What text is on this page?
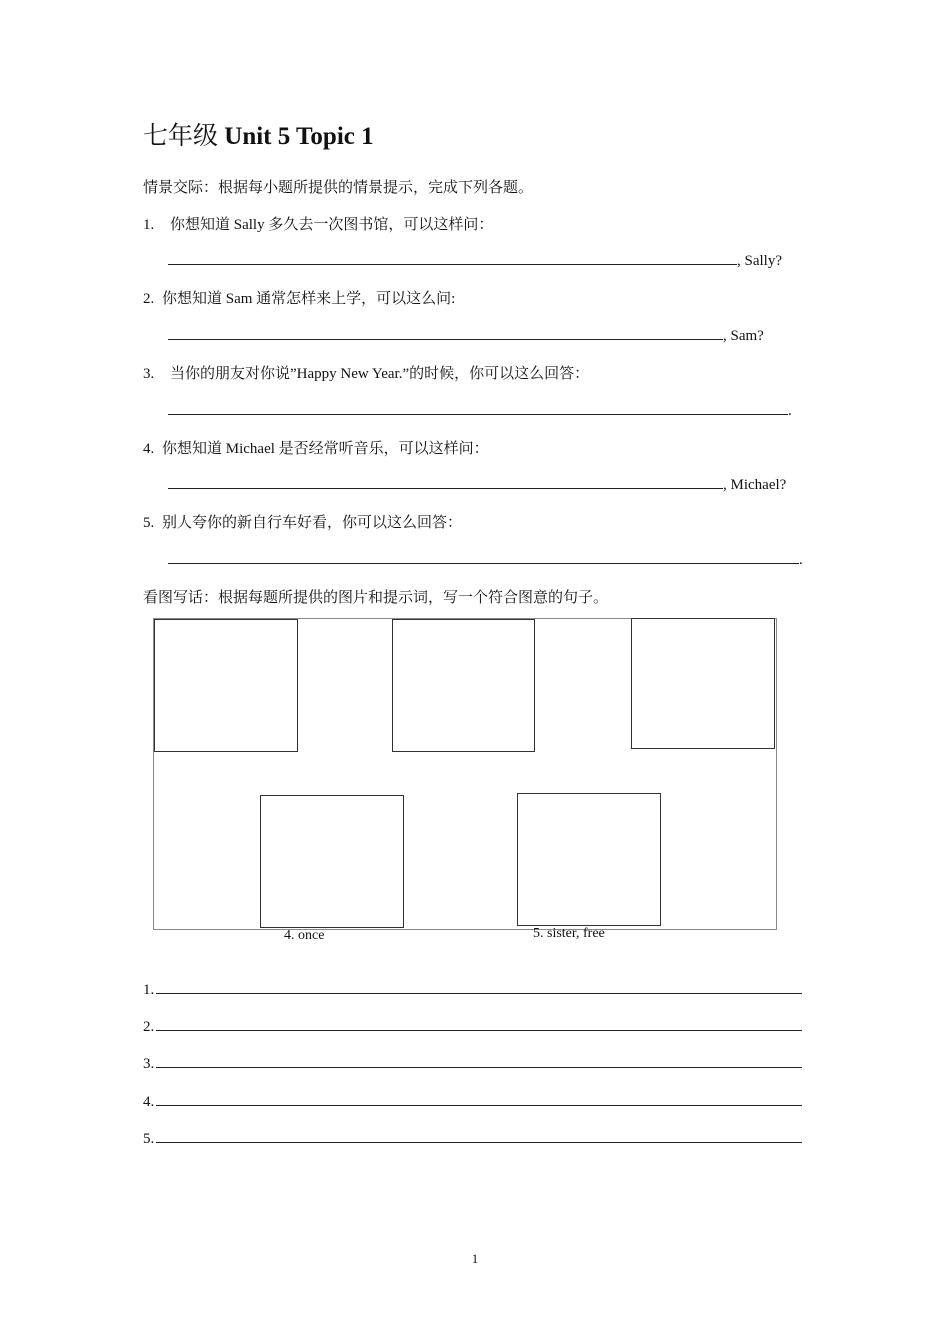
七年级 Unit 5 Topic 1
情景交际：根据每小题所提供的情景提示，完成下列各题。
1. 你想知道 Sally 多久去一次图书馆，可以这样问：
, Sally?
2. 你想知道 Sam 通常怎样来上学，可以这么问:
, Sam?
3. 当你的朋友对你说”Happy New Year.”的时候，你可以这么回答：
.
4. 你想知道 Michael 是否经常听音乐，可以这样问：
, Michael?
5. 别人夸你的新自行车好看，你可以这么回答：
.
看图写话：根据每题所提供的图片和提示词，写一个符合图意的句子。
4. once	5. sister, free
1.
2.
3.
4.
5.
1
